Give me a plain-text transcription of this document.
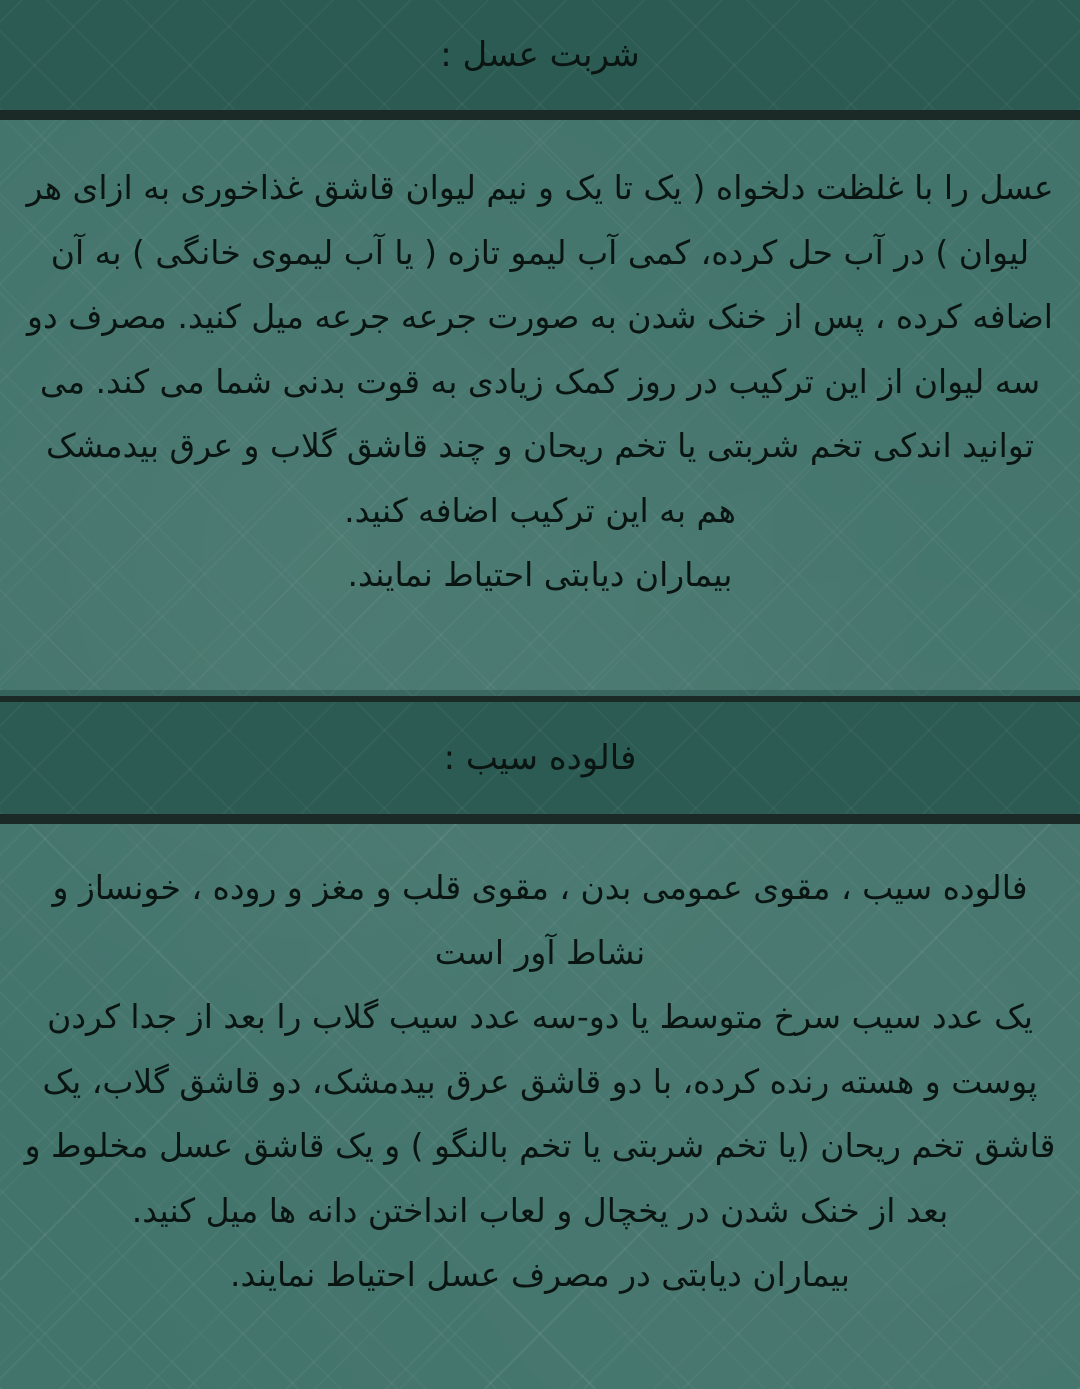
شربت عسل :

عسل را با غلظت دلخواه ( یک تا یک و نیم لیوان قاشق غذاخوری به ازای هر لیوان ) در آب حل کرده، کمی آب لیمو تازه ( یا آب لیموی خانگی ) به آن اضافه کرده ، پس از خنک شدن به صورت جرعه جرعه میل کنید. مصرف دو سه لیوان از این ترکیب در روز کمک زیادی به قوت بدنی شما می کند. می توانید اندکی تخم شربتی یا تخم ریحان و چند قاشق گلاب و عرق بیدمشک هم به این ترکیب اضافه کنید.

بیماران دیابتی احتیاط نمایند.

فالوده سیب :

فالوده سیب ، مقوی عمومی بدن ، مقوی قلب و مغز و روده ، خونساز و نشاط آور است

یک عدد سیب سرخ متوسط یا دو-سه عدد سیب گلاب را بعد از جدا کردن پوست و هسته رنده کرده، با دو قاشق عرق بیدمشک، دو قاشق گلاب، یک قاشق تخم ریحان (یا تخم شربتی یا تخم بالنگو ) و یک قاشق عسل مخلوط و بعد از خنک شدن در یخچال و لعاب انداختن دانه ها میل کنید.

بیماران دیابتی در مصرف عسل احتیاط نمایند.
